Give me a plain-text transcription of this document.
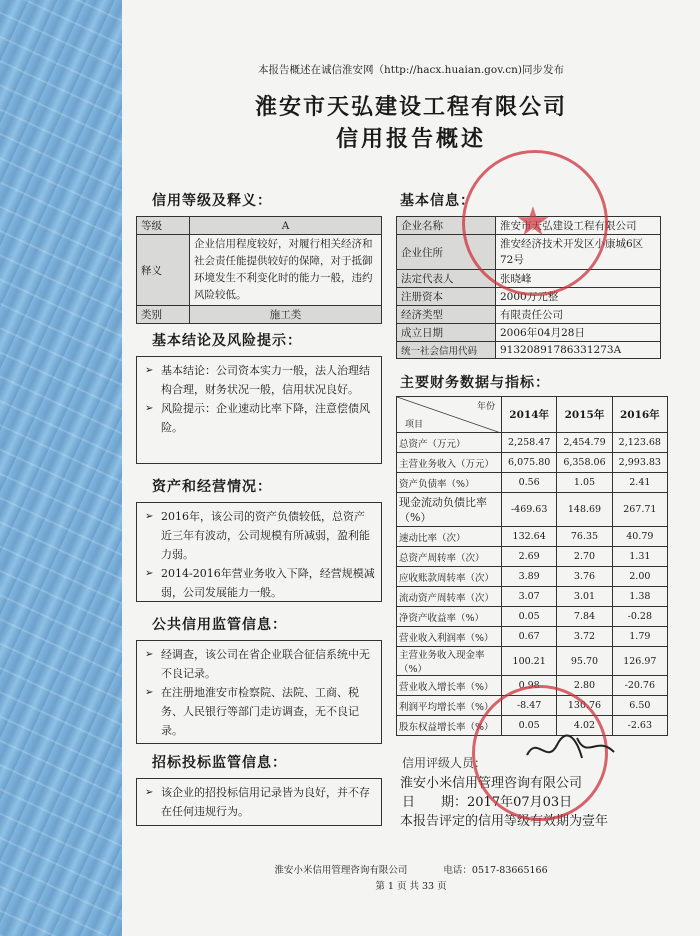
本报告概述在诚信淮安网（http://hacx.huaian.gov.cn)同步发布
淮安市天弘建设工程有限公司
信用报告概述
信用等级及释义：
等级	A
释义	企业信用程度较好，对履行相关经济和社会责任能提供较好的保障，对于抵御环境发生不利变化时的能力一般，违约风险较低。
类别	施工类
基本结论及风险提示：
➢ 基本结论：公司资本实力一般，法人治理结构合理，财务状况一般，信用状况良好。
➢ 风险提示：企业速动比率下降，注意偿债风险。
资产和经营情况：
➢ 2016年，该公司的资产负债较低，总资产近三年有波动，公司规模有所减弱，盈利能力弱。
➢ 2014-2016年营业务收入下降，经营规模减弱，公司发展能力一般。
公共信用监管信息：
➢ 经调查，该公司在省企业联合征信系统中无不良记录。
➢ 在注册地淮安市检察院、法院、工商、税务、人民银行等部门走访调查，无不良记录。
招标投标监管信息：
➢ 该企业的招投标信用记录皆为良好，并不存在任何违规行为。
基本信息：
企业名称	淮安市天弘建设工程有限公司
企业住所	淮安经济技术开发区小康城6区72号
法定代表人	张晓峰
注册资本	2000万元整
经济类型	有限责任公司
成立日期	2006年04月28日
统一社会信用代码	91320891786331273A
主要财务数据与指标：
年份
项目	2014年	2015年	2016年
总资产（万元）	2,258.47	2,454.79	2,123.68
主营业务收入（万元）	6,075.80	6,358.06	2,993.83
资产负债率（%）	0.56	1.05	2.41
现金流动负债比率（%）	-469.63	148.69	267.71
速动比率（次）	132.64	76.35	40.79
总资产周转率（次）	2.69	2.70	1.31
应收账款周转率（次）	3.89	3.76	2.00
流动资产周转率（次）	3.07	3.01	1.38
净资产收益率（%）	0.05	7.84	-0.28
营业收入利润率（%）	0.67	3.72	1.79
主营业务收入现金率（%）	100.21	95.70	126.97
营业收入增长率（%）	0.98	2.80	-20.76
利润平均增长率（%）	-8.47	130.76	6.50
股东权益增长率（%）	0.05	4.02	-2.63
信用评级人员：
淮安小米信用管理咨询有限公司
日　　期：2017年07月03日
本报告评定的信用等级有效期为壹年
★
淮安小米信用管理咨询有限公司	电话：0517-83665166
第 1 页 共 33 页
